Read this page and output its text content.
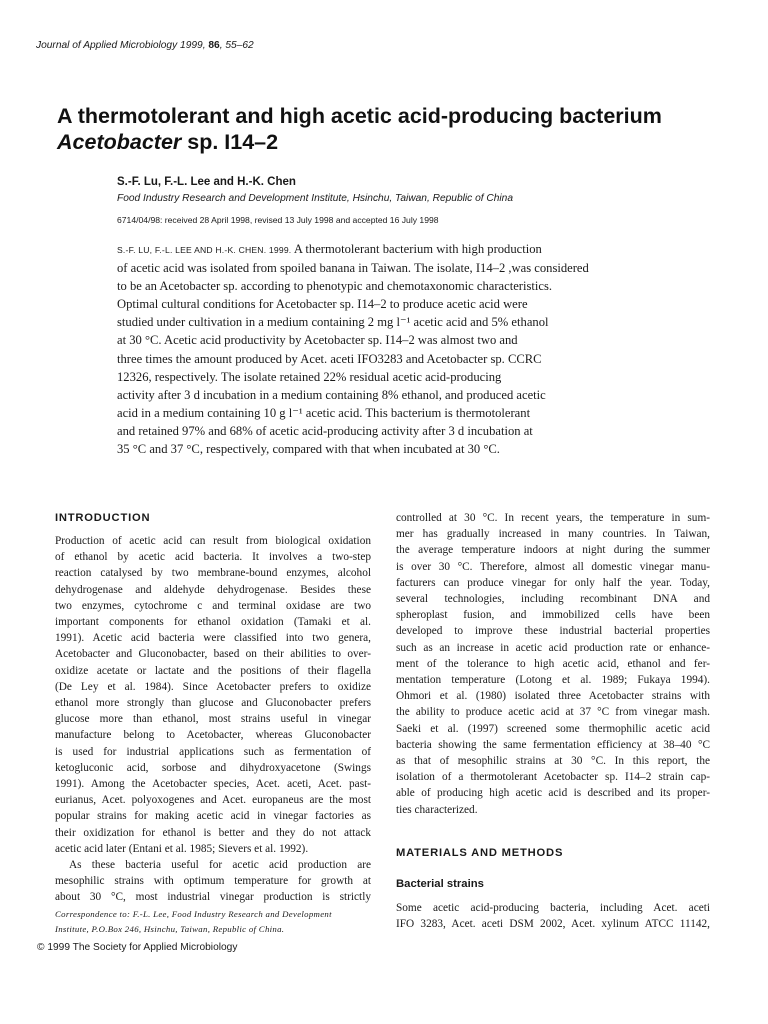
Journal of Applied Microbiology 1999, 86, 55–62
A thermotolerant and high acetic acid-producing bacterium
Acetobacter sp. I14–2
S.-F. Lu, F.-L. Lee and H.-K. Chen
Food Industry Research and Development Institute, Hsinchu, Taiwan, Republic of China
6714/04/98: received 28 April 1998, revised 13 July 1998 and accepted 16 July 1998
S.-F. LU, F.-L. LEE AND H.-K. CHEN. 1999. A thermotolerant bacterium with high production
of acetic acid was isolated from spoiled banana in Taiwan. The isolate, I14–2 ,was considered
to be an Acetobacter sp. according to phenotypic and chemotaxonomic characteristics.
Optimal cultural conditions for Acetobacter sp. I14–2 to produce acetic acid were
studied under cultivation in a medium containing 2 mg l⁻¹ acetic acid and 5% ethanol
at 30 °C. Acetic acid productivity by Acetobacter sp. I14–2 was almost two and
three times the amount produced by Acet. aceti IFO3283 and Acetobacter sp. CCRC
12326, respectively. The isolate retained 22% residual acetic acid-producing
activity after 3 d incubation in a medium containing 8% ethanol, and produced acetic
acid in a medium containing 10 g l⁻¹ acetic acid. This bacterium is thermotolerant
and retained 97% and 68% of acetic acid-producing activity after 3 d incubation at
35 °C and 37 °C, respectively, compared with that when incubated at 30 °C.
INTRODUCTION
Production of acetic acid can result from biological oxidation
of ethanol by acetic acid bacteria. It involves a two-step
reaction catalysed by two membrane-bound enzymes, alcohol
dehydrogenase and aldehyde dehydrogenase. Besides these
two enzymes, cytochrome c and terminal oxidase are two
important components for ethanol oxidation (Tamaki et al.
1991). Acetic acid bacteria were classified into two genera,
Acetobacter and Gluconobacter, based on their abilities to over-
oxidize acetate or lactate and the positions of their flagella
(De Ley et al. 1984). Since Acetobacter prefers to oxidize
ethanol more strongly than glucose and Gluconobacter prefers
glucose more than ethanol, most strains useful in vinegar
manufacture belong to Acetobacter, whereas Gluconobacter
is used for industrial applications such as fermentation of
ketogluconic acid, sorbose and dihydroxyacetone (Swings
1991). Among the Acetobacter species, Acet. aceti, Acet. past-
eurianus, Acet. polyoxogenes and Acet. europaneus are the most
popular strains for making acetic acid in vinegar factories as
their oxidization for ethanol is better and they do not attack
acetic acid later (Entani et al. 1985; Sievers et al. 1992).
As these bacteria useful for acetic acid production are
mesophilic strains with optimum temperature for growth at
about 30 °C, most industrial vinegar production is strictly
controlled at 30 °C. In recent years, the temperature in sum-
mer has gradually increased in many countries. In Taiwan,
the average temperature indoors at night during the summer
is over 30 °C. Therefore, almost all domestic vinegar manu-
facturers can produce vinegar for only half the year. Today,
several technologies, including recombinant DNA and
spheroplast fusion, and immobilized cells have been
developed to improve these industrial bacterial properties
such as an increase in acetic acid production rate or enhance-
ment of the tolerance to high acetic acid, ethanol and fer-
mentation temperature (Lotong et al. 1989; Fukaya 1994).
Ohmori et al. (1980) isolated three Acetobacter strains with
the ability to produce acetic acid at 37 °C from vinegar mash.
Saeki et al. (1997) screened some thermophilic acetic acid
bacteria showing the same fermentation efficiency at 38–40 °C
as that of mesophilic strains at 30 °C. In this report, the
isolation of a thermotolerant Acetobacter sp. I14–2 strain cap-
able of producing high acetic acid is described and its proper-
ties characterized.
MATERIALS AND METHODS
Bacterial strains
Some acetic acid-producing bacteria, including Acet. aceti
IFO 3283, Acet. aceti DSM 2002, Acet. xylinum ATCC 11142,
Correspondence to: F.-L. Lee, Food Industry Research and Development
Institute, P.O.Box 246, Hsinchu, Taiwan, Republic of China.
© 1999 The Society for Applied Microbiology
